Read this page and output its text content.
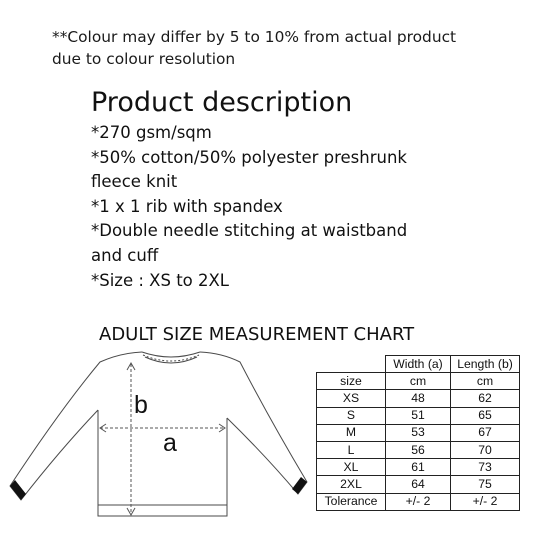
**Colour may differ by 5 to 10% from actual product
due to colour resolution
Product description
*270 gsm/sqm
*50% cotton/50% polyester preshrunk
fleece knit
*1 x 1 rib with spandex
*Double needle stitching at waistband
and cuff
*Size : XS to 2XL
ADULT SIZE MEASUREMENT CHART
b
a
	Width (a)	Length (b)
size	cm	cm
XS	48	62
S	51	65
M	53	67
L	56	70
XL	61	73
2XL	64	75
Tolerance	+/- 2	+/- 2
